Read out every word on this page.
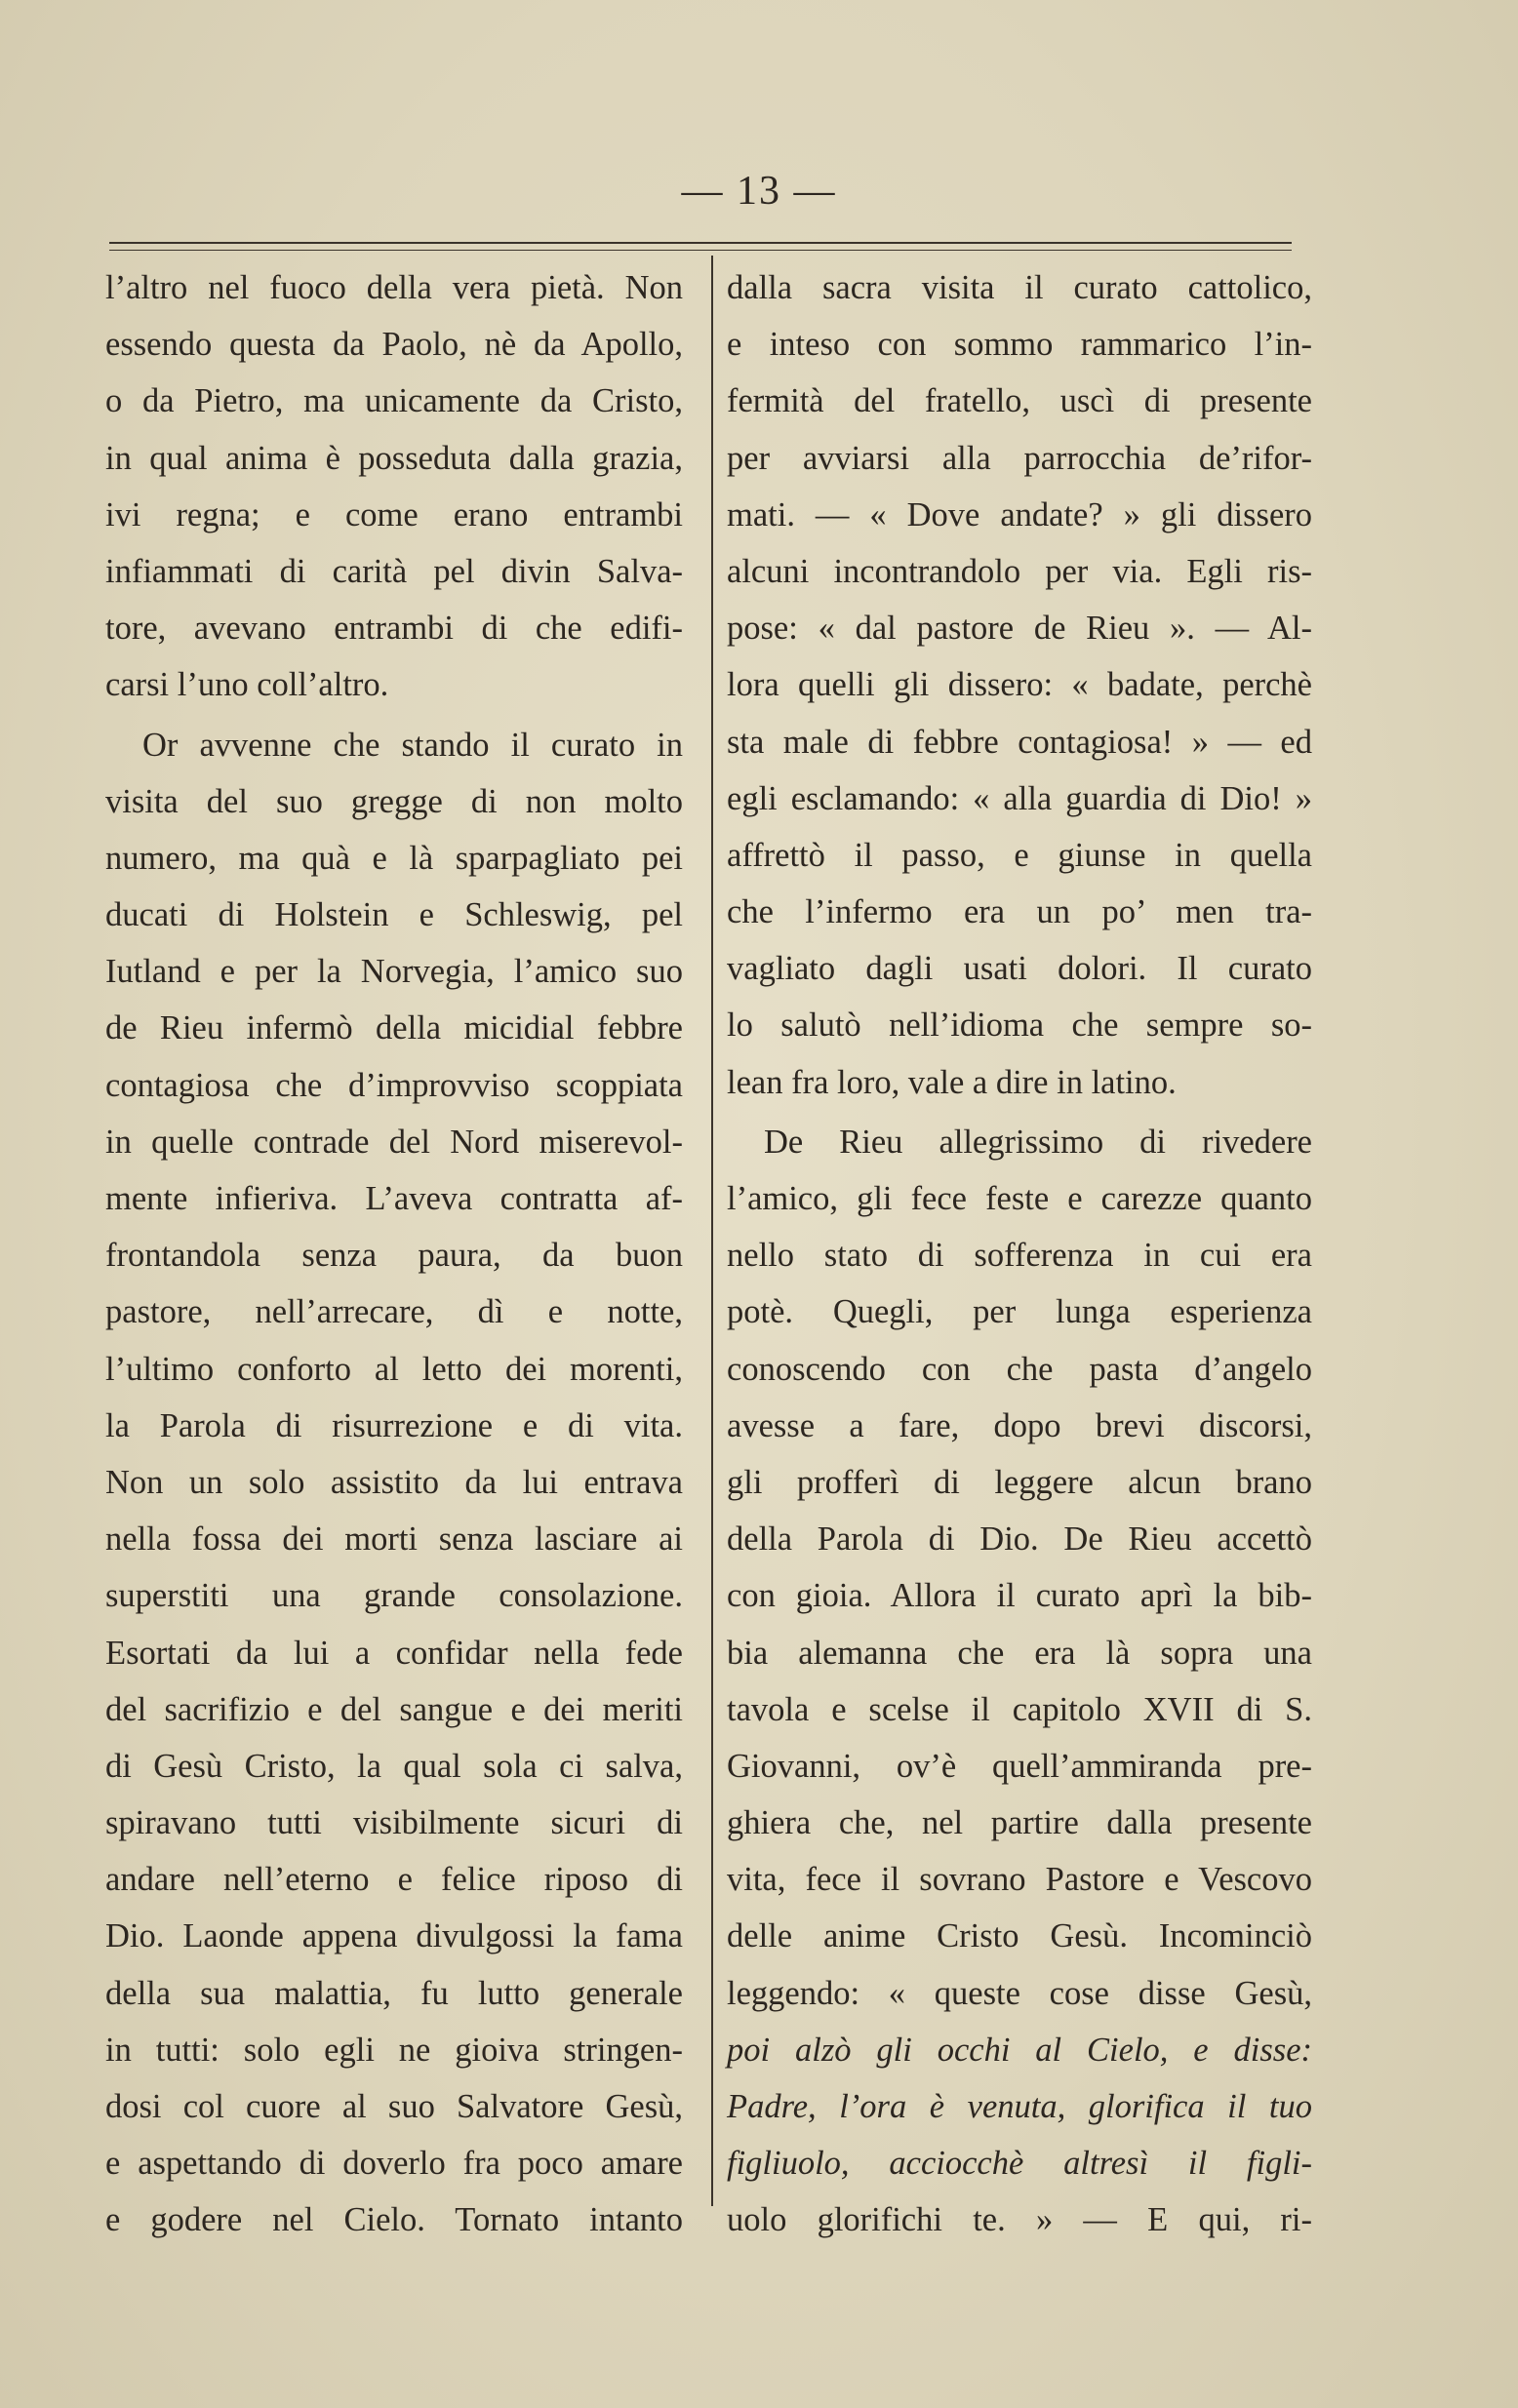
— 13 —
l’altro nel fuoco della vera pietà. Non
essendo questa da Paolo, nè da Apollo,
o da Pietro, ma unicamente da Cristo,
in qual anima è posseduta dalla grazia,
ivi regna; e come erano entrambi
infiammati di carità pel divin Salva-
tore, avevano entrambi di che edifi-
carsi l’uno coll’altro.
Or avvenne che stando il curato in
visita del suo gregge di non molto
numero, ma quà e là sparpagliato pei
ducati di Holstein e Schleswig, pel
Iutland e per la Norvegia, l’amico suo
de Rieu infermò della micidial febbre
contagiosa che d’improvviso scoppiata
in quelle contrade del Nord miserevol-
mente infieriva. L’aveva contratta af-
frontandola senza paura, da buon
pastore, nell’arrecare, dì e notte,
l’ultimo conforto al letto dei morenti,
la Parola di risurrezione e di vita.
Non un solo assistito da lui entrava
nella fossa dei morti senza lasciare ai
superstiti una grande consolazione.
Esortati da lui a confidar nella fede
del sacrifizio e del sangue e dei meriti
di Gesù Cristo, la qual sola ci salva,
spiravano tutti visibilmente sicuri di
andare nell’eterno e felice riposo di
Dio. Laonde appena divulgossi la fama
della sua malattia, fu lutto generale
in tutti: solo egli ne gioiva stringen-
dosi col cuore al suo Salvatore Gesù,
e aspettando di doverlo fra poco amare
e godere nel Cielo. Tornato intanto
dalla sacra visita il curato cattolico,
e inteso con sommo rammarico l’in-
fermità del fratello, uscì di presente
per avviarsi alla parrocchia de’rifor-
mati. — « Dove andate? » gli dissero
alcuni incontrandolo per via. Egli ris-
pose: « dal pastore de Rieu ». — Al-
lora quelli gli dissero: « badate, perchè
sta male di febbre contagiosa! » — ed
egli esclamando: « alla guardia di Dio! »
affrettò il passo, e giunse in quella
che l’infermo era un po’ men tra-
vagliato dagli usati dolori. Il curato
lo salutò nell’idioma che sempre so-
lean fra loro, vale a dire in latino.
De Rieu allegrissimo di rivedere
l’amico, gli fece feste e carezze quanto
nello stato di sofferenza in cui era
potè. Quegli, per lunga esperienza
conoscendo con che pasta d’angelo
avesse a fare, dopo brevi discorsi,
gli profferì di leggere alcun brano
della Parola di Dio. De Rieu accettò
con gioia. Allora il curato aprì la bib-
bia alemanna che era là sopra una
tavola e scelse il capitolo XVII di S.
Giovanni, ov’è quell’ammiranda pre-
ghiera che, nel partire dalla presente
vita, fece il sovrano Pastore e Vescovo
delle anime Cristo Gesù. Incominciò
leggendo: « queste cose disse Gesù,
poi alzò gli occhi al Cielo, e disse:
Padre, l’ora è venuta, glorifica il tuo
figliuolo, acciocchè altresì il figli-
uolo glorifichi te. » — E qui, ri-
